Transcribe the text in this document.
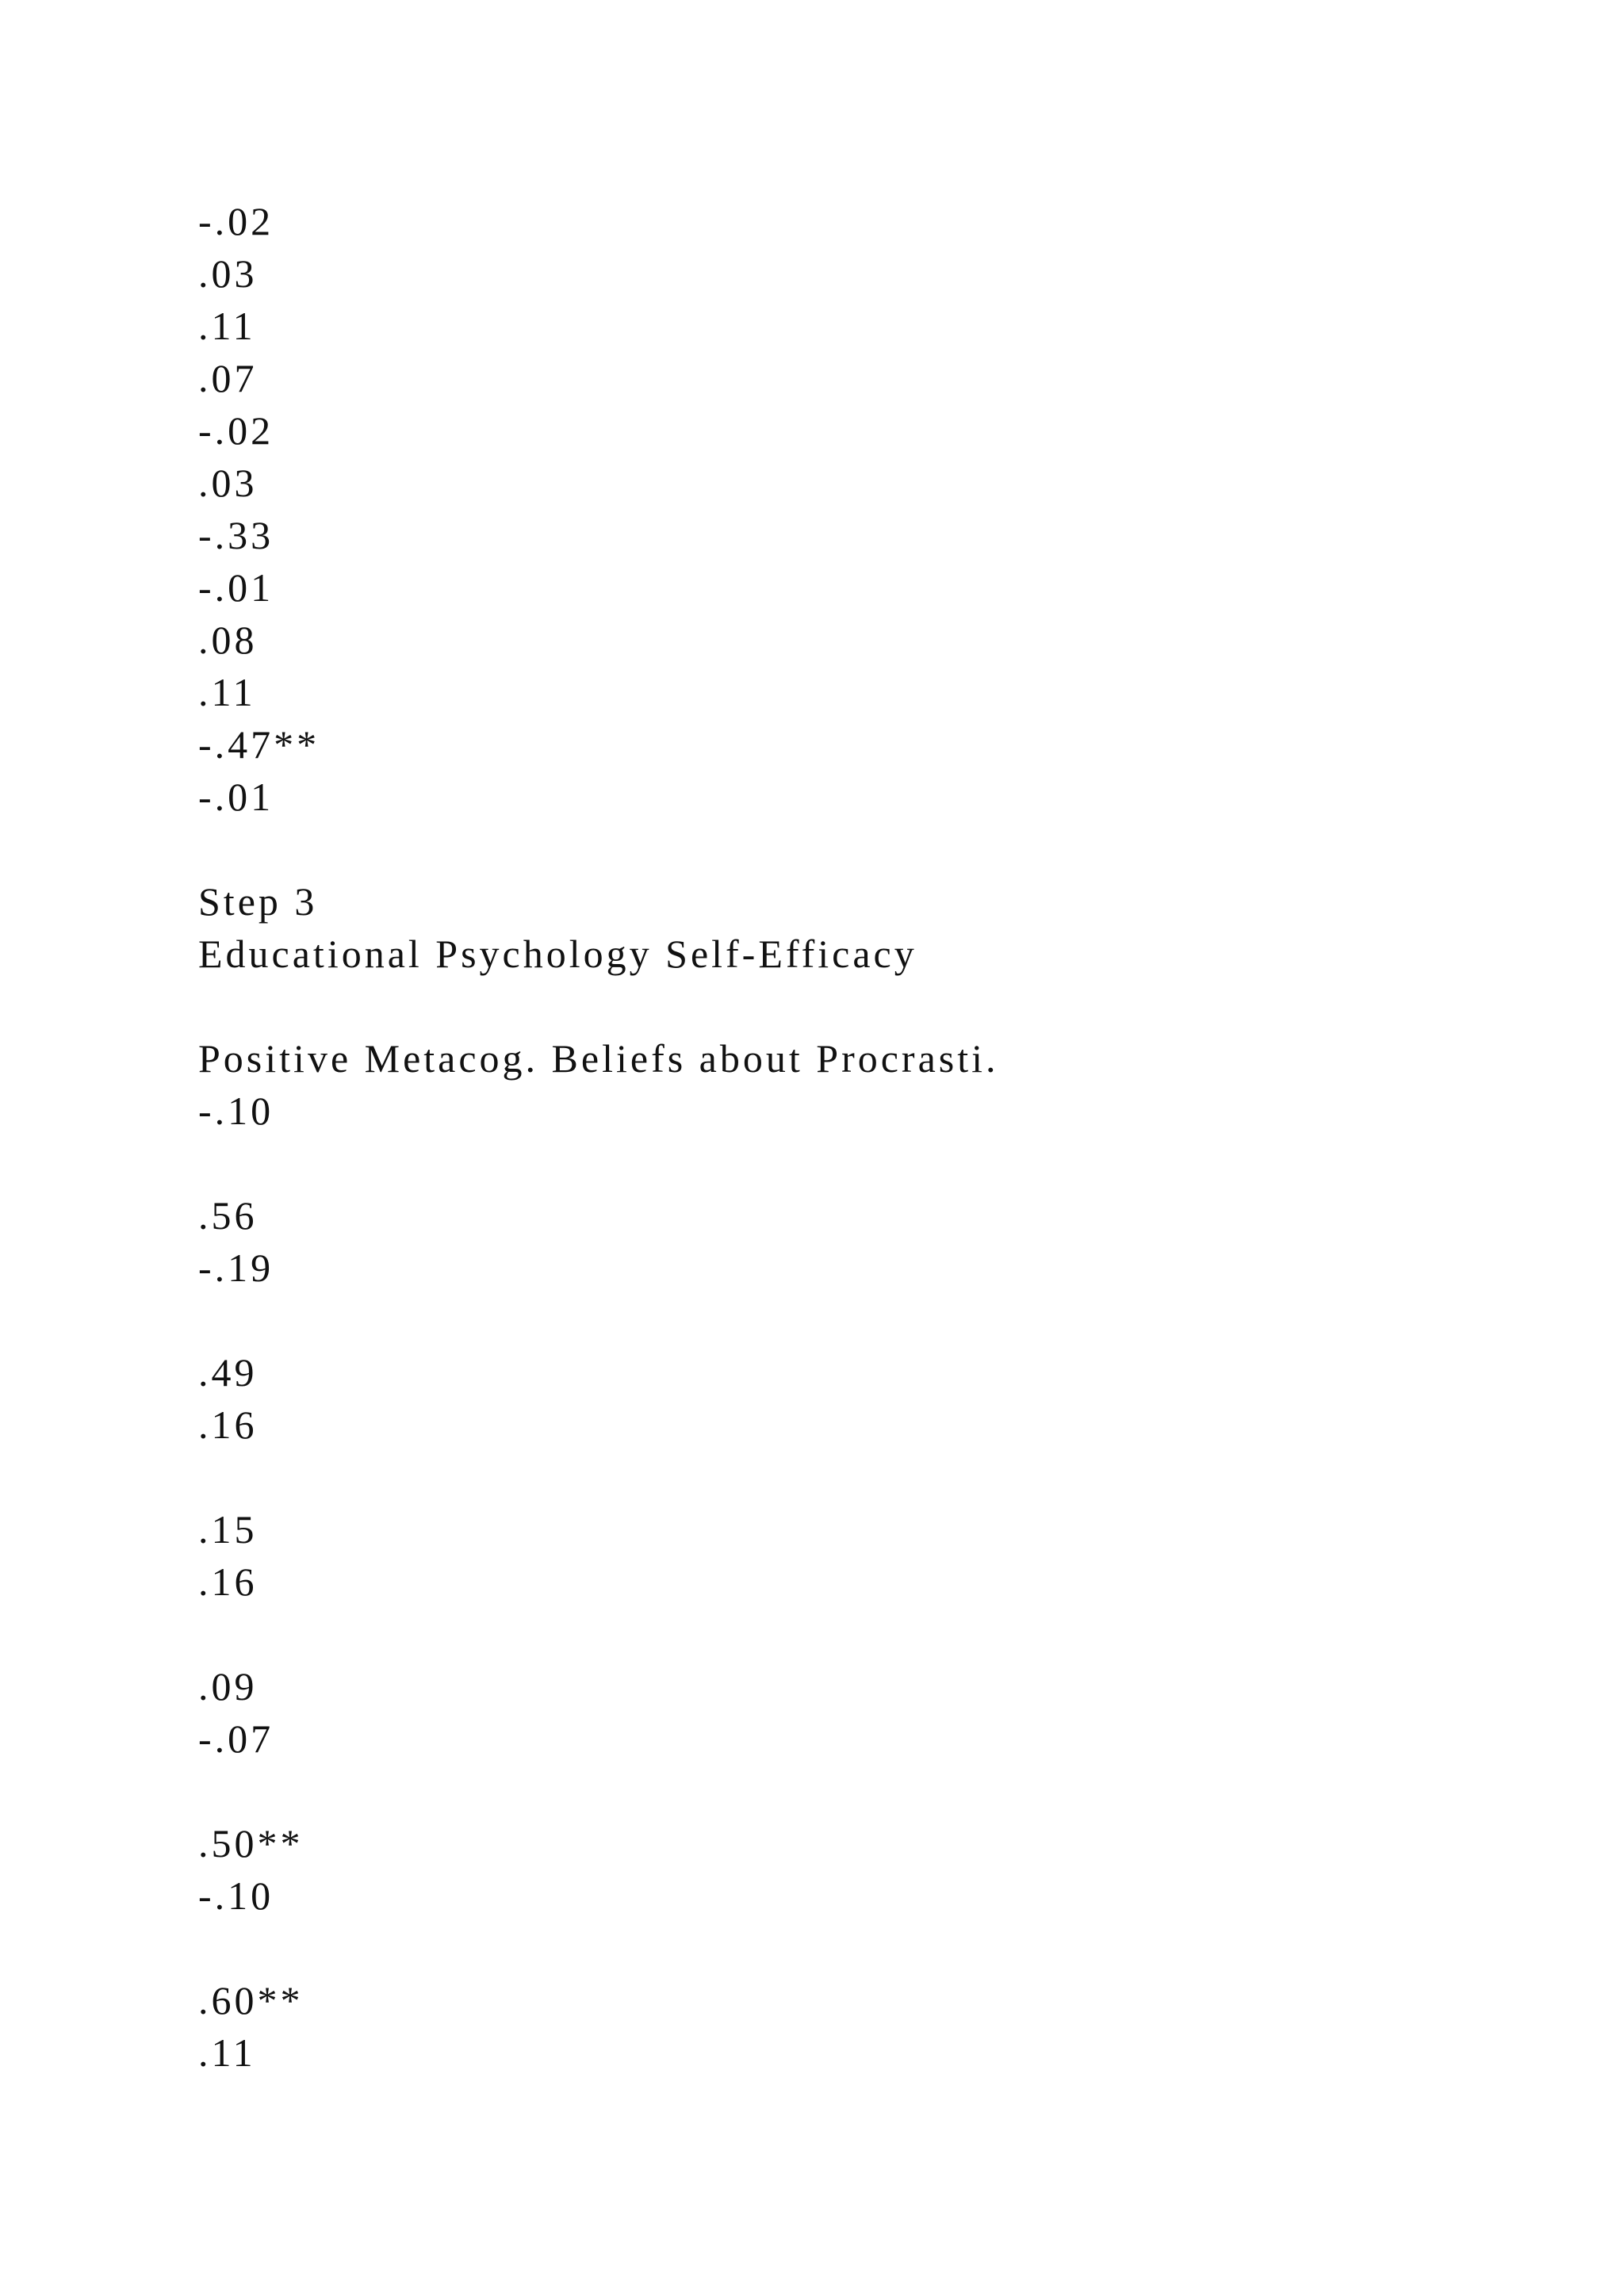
-.02
.03
.11
.07
-.02
.03
-.33
-.01
.08
.11
-.47**
-.01
Step 3
Educational Psychology Self-Efficacy
Positive Metacog. Beliefs about Procrasti.
-.10
.56
-.19
.49
.16
.15
.16
.09
-.07
.50**
-.10
.60**
.11
